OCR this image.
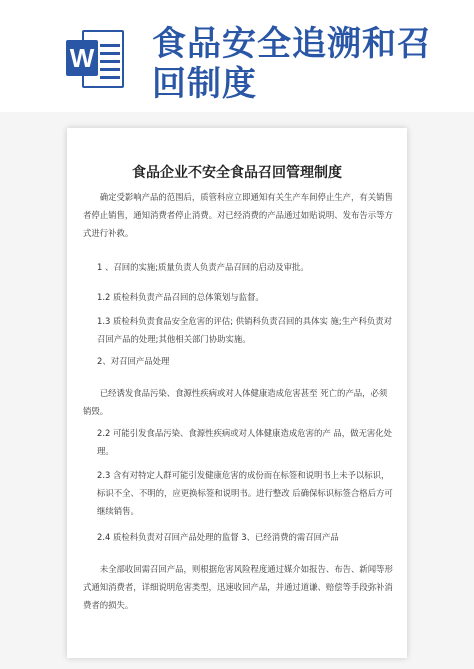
W 食品安全追溯和召回制度
食品企业不安全食品召回管理制度

确定受影响产品的范围后，质管科应立即通知有关生产车间停止生产，有关销售者停止销售，通知消费者停止消费。对已经消费的产品通过如贴说明、发布告示等方式进行补救。

1 、召回的实施;质量负责人负责产品召回的启动及审批。

1.2 质检科负责产品召回的总体策划与监督。

1.3 质检科负责食品安全危害的评估; 供销科负责召回的具体实 施;生产科负责对召回产品的处理;其他相关部门协助实施。

2、对召回产品处理

已经诱发食品污染、食源性疾病或对人体健康造成危害甚至 死亡的产品，必须销毁。

2.2 可能引发食品污染、食源性疾病或对人体健康造成危害的产 品，做无害化处理。

2.3 含有对特定人群可能引发健康危害的成份而在标签和说明书上未予以标识，标识不全、不明的，应更换标签和说明书。进行整改 后确保标识标签合格后方可继续销售。

2.4 质检科负责对召回产品处理的监督 3、已经消费的需召回产品

未全部收回需召回产品，则根据危害风险程度通过媒介如报告、布告、新闻等形式通知消费者，详细说明危害类型，迅速收回产品，并通过道谦、赔偿等手段弥补消费者的损失。
